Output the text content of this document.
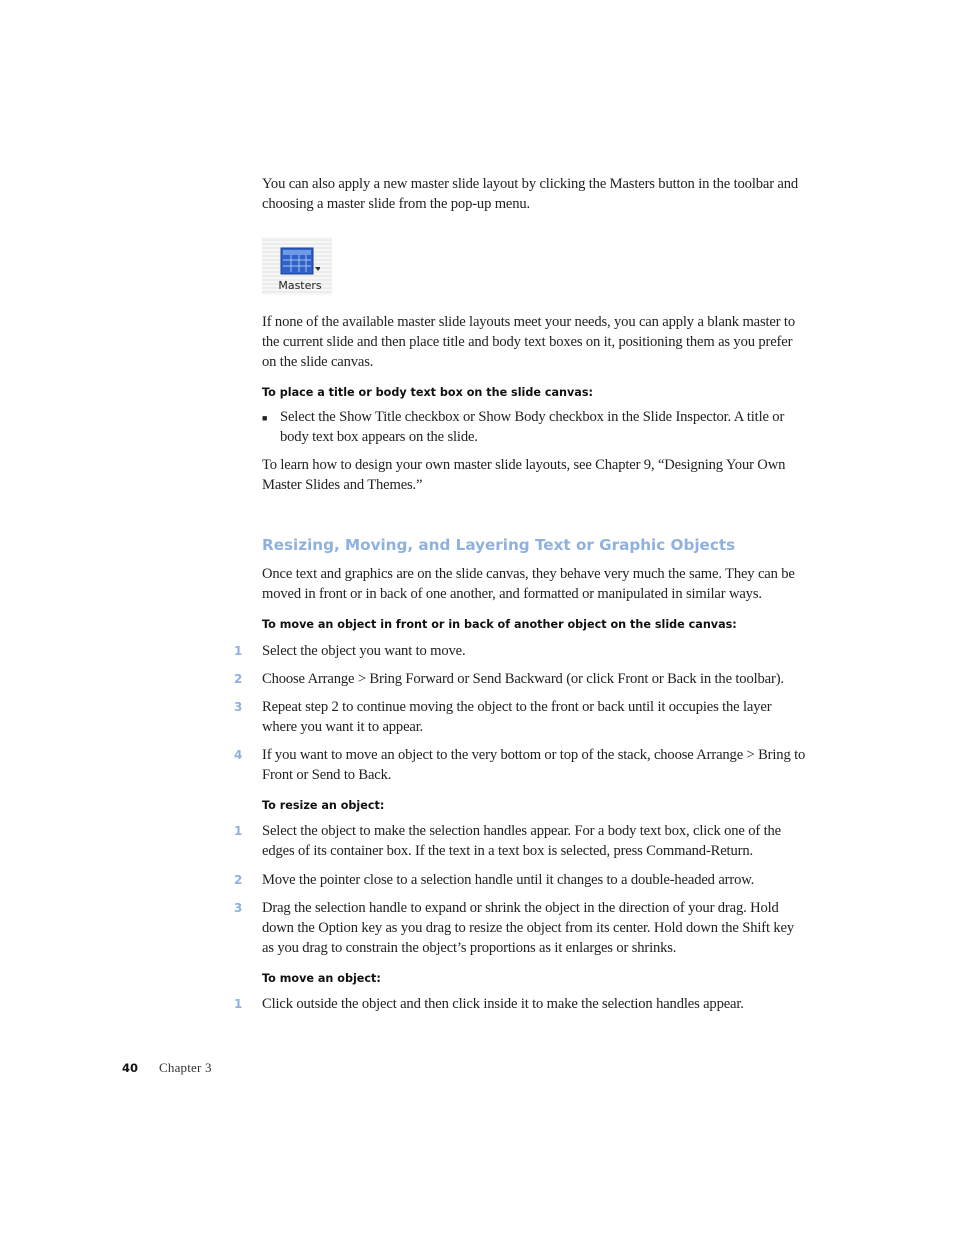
You can also apply a new master slide layout by clicking the Masters button in the toolbar and choosing a master slide from the pop-up menu.

Masters

If none of the available master slide layouts meet your needs, you can apply a blank master to the current slide and then place title and body text boxes on it, positioning them as you prefer on the slide canvas.

To place a title or body text box on the slide canvas:

■ Select the Show Title checkbox or Show Body checkbox in the Slide Inspector. A title or body text box appears on the slide.

To learn how to design your own master slide layouts, see Chapter 9, “Designing Your Own Master Slides and Themes.”

Resizing, Moving, and Layering Text or Graphic Objects

Once text and graphics are on the slide canvas, they behave very much the same. They can be moved in front or in back of one another, and formatted or manipulated in similar ways.

To move an object in front or in back of another object on the slide canvas:

1	Select the object you want to move.

2	Choose Arrange > Bring Forward or Send Backward (or click Front or Back in the toolbar).

3	Repeat step 2 to continue moving the object to the front or back until it occupies the layer where you want it to appear.

4	If you want to move an object to the very bottom or top of the stack, choose Arrange > Bring to Front or Send to Back.

To resize an object:

1	Select the object to make the selection handles appear. For a body text box, click one of the edges of its container box. If the text in a text box is selected, press Command-Return.

2	Move the pointer close to a selection handle until it changes to a double-headed arrow.

3	Drag the selection handle to expand or shrink the object in the direction of your drag. Hold down the Option key as you drag to resize the object from its center. Hold down the Shift key as you drag to constrain the object’s proportions as it enlarges or shrinks.

To move an object:

1	Click outside the object and then click inside it to make the selection handles appear.

40 Chapter 3
